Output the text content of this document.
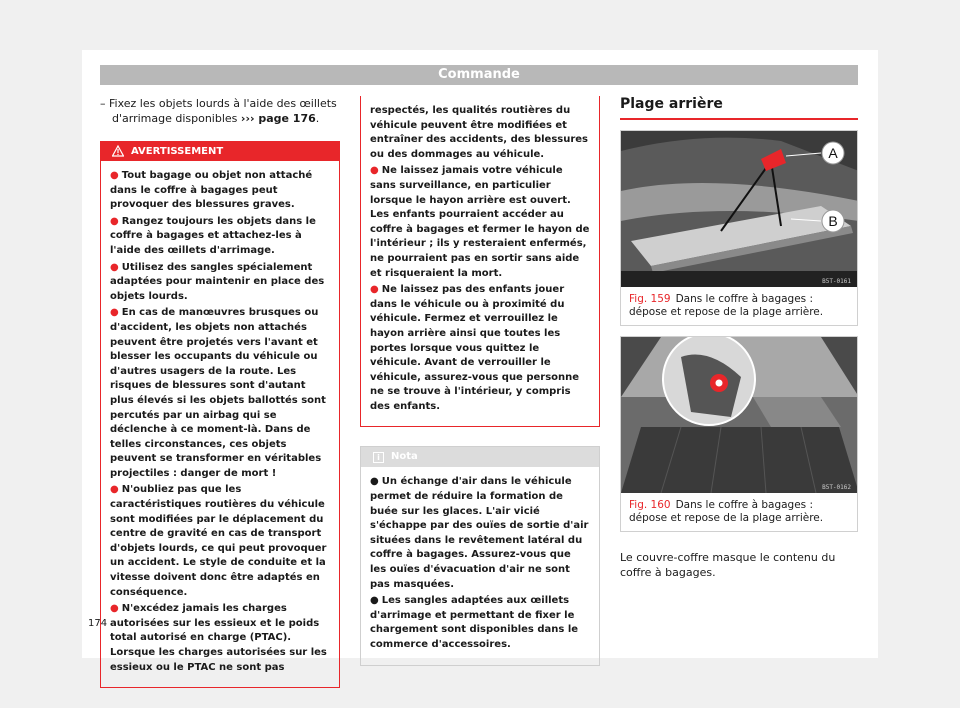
Commande

– Fixez les objets lourds à l'aide des œillets d'arrimage disponibles ››› page 176.

AVERTISSEMENT

● Tout bagage ou objet non attaché dans le coffre à bagages peut provoquer des blessures graves.

● Rangez toujours les objets dans le coffre à bagages et attachez-les à l'aide des œillets d'arrimage.

● Utilisez des sangles spécialement adaptées pour maintenir en place des objets lourds.

● En cas de manœuvres brusques ou d'accident, les objets non attachés peuvent être projetés vers l'avant et blesser les occupants du véhicule ou d'autres usagers de la route. Les risques de blessures sont d'autant plus élevés si les objets ballottés sont percutés par un airbag qui se déclenche à ce moment-là. Dans de telles circonstances, ces objets peuvent se transformer en véritables projectiles : danger de mort !

● N'oubliez pas que les caractéristiques routières du véhicule sont modifiées par le déplacement du centre de gravité en cas de transport d'objets lourds, ce qui peut provoquer un accident. Le style de conduite et la vitesse doivent donc être adaptés en conséquence.

● N'excédez jamais les charges autorisées sur les essieux et le poids total autorisé en charge (PTAC). Lorsque les charges autorisées sur les essieux ou le PTAC ne sont pas

respectés, les qualités routières du véhicule peuvent être modifiées et entraîner des accidents, des blessures ou des dommages au véhicule.

● Ne laissez jamais votre véhicule sans surveillance, en particulier lorsque le hayon arrière est ouvert. Les enfants pourraient accéder au coffre à bagages et fermer le hayon de l'intérieur ; ils y resteraient enfermés, ne pourraient pas en sortir sans aide et risqueraient la mort.

● Ne laissez pas des enfants jouer dans le véhicule ou à proximité du véhicule. Fermez et verrouillez le hayon arrière ainsi que toutes les portes lorsque vous quittez le véhicule. Avant de verrouiller le véhicule, assurez-vous que personne ne se trouve à l'intérieur, y compris des enfants.

i	Nota

● Un échange d'air dans le véhicule permet de réduire la formation de buée sur les glaces. L'air vicié s'échappe par des ouïes de sortie d'air situées dans le revêtement latéral du coffre à bagages. Assurez-vous que les ouïes d'évacuation d'air ne sont pas masquées.

● Les sangles adaptées aux œillets d'arrimage et permettant de fixer le chargement sont disponibles dans le commerce d'accessoires.

Plage arrière
A
B
B5T-0161
Fig. 159 Dans le coffre à bagages : dépose et repose de la plage arrière.
B5T-0162
Fig. 160 Dans le coffre à bagages : dépose et repose de la plage arrière.
Le couvre-coffre masque le contenu du coffre à bagages.
174
